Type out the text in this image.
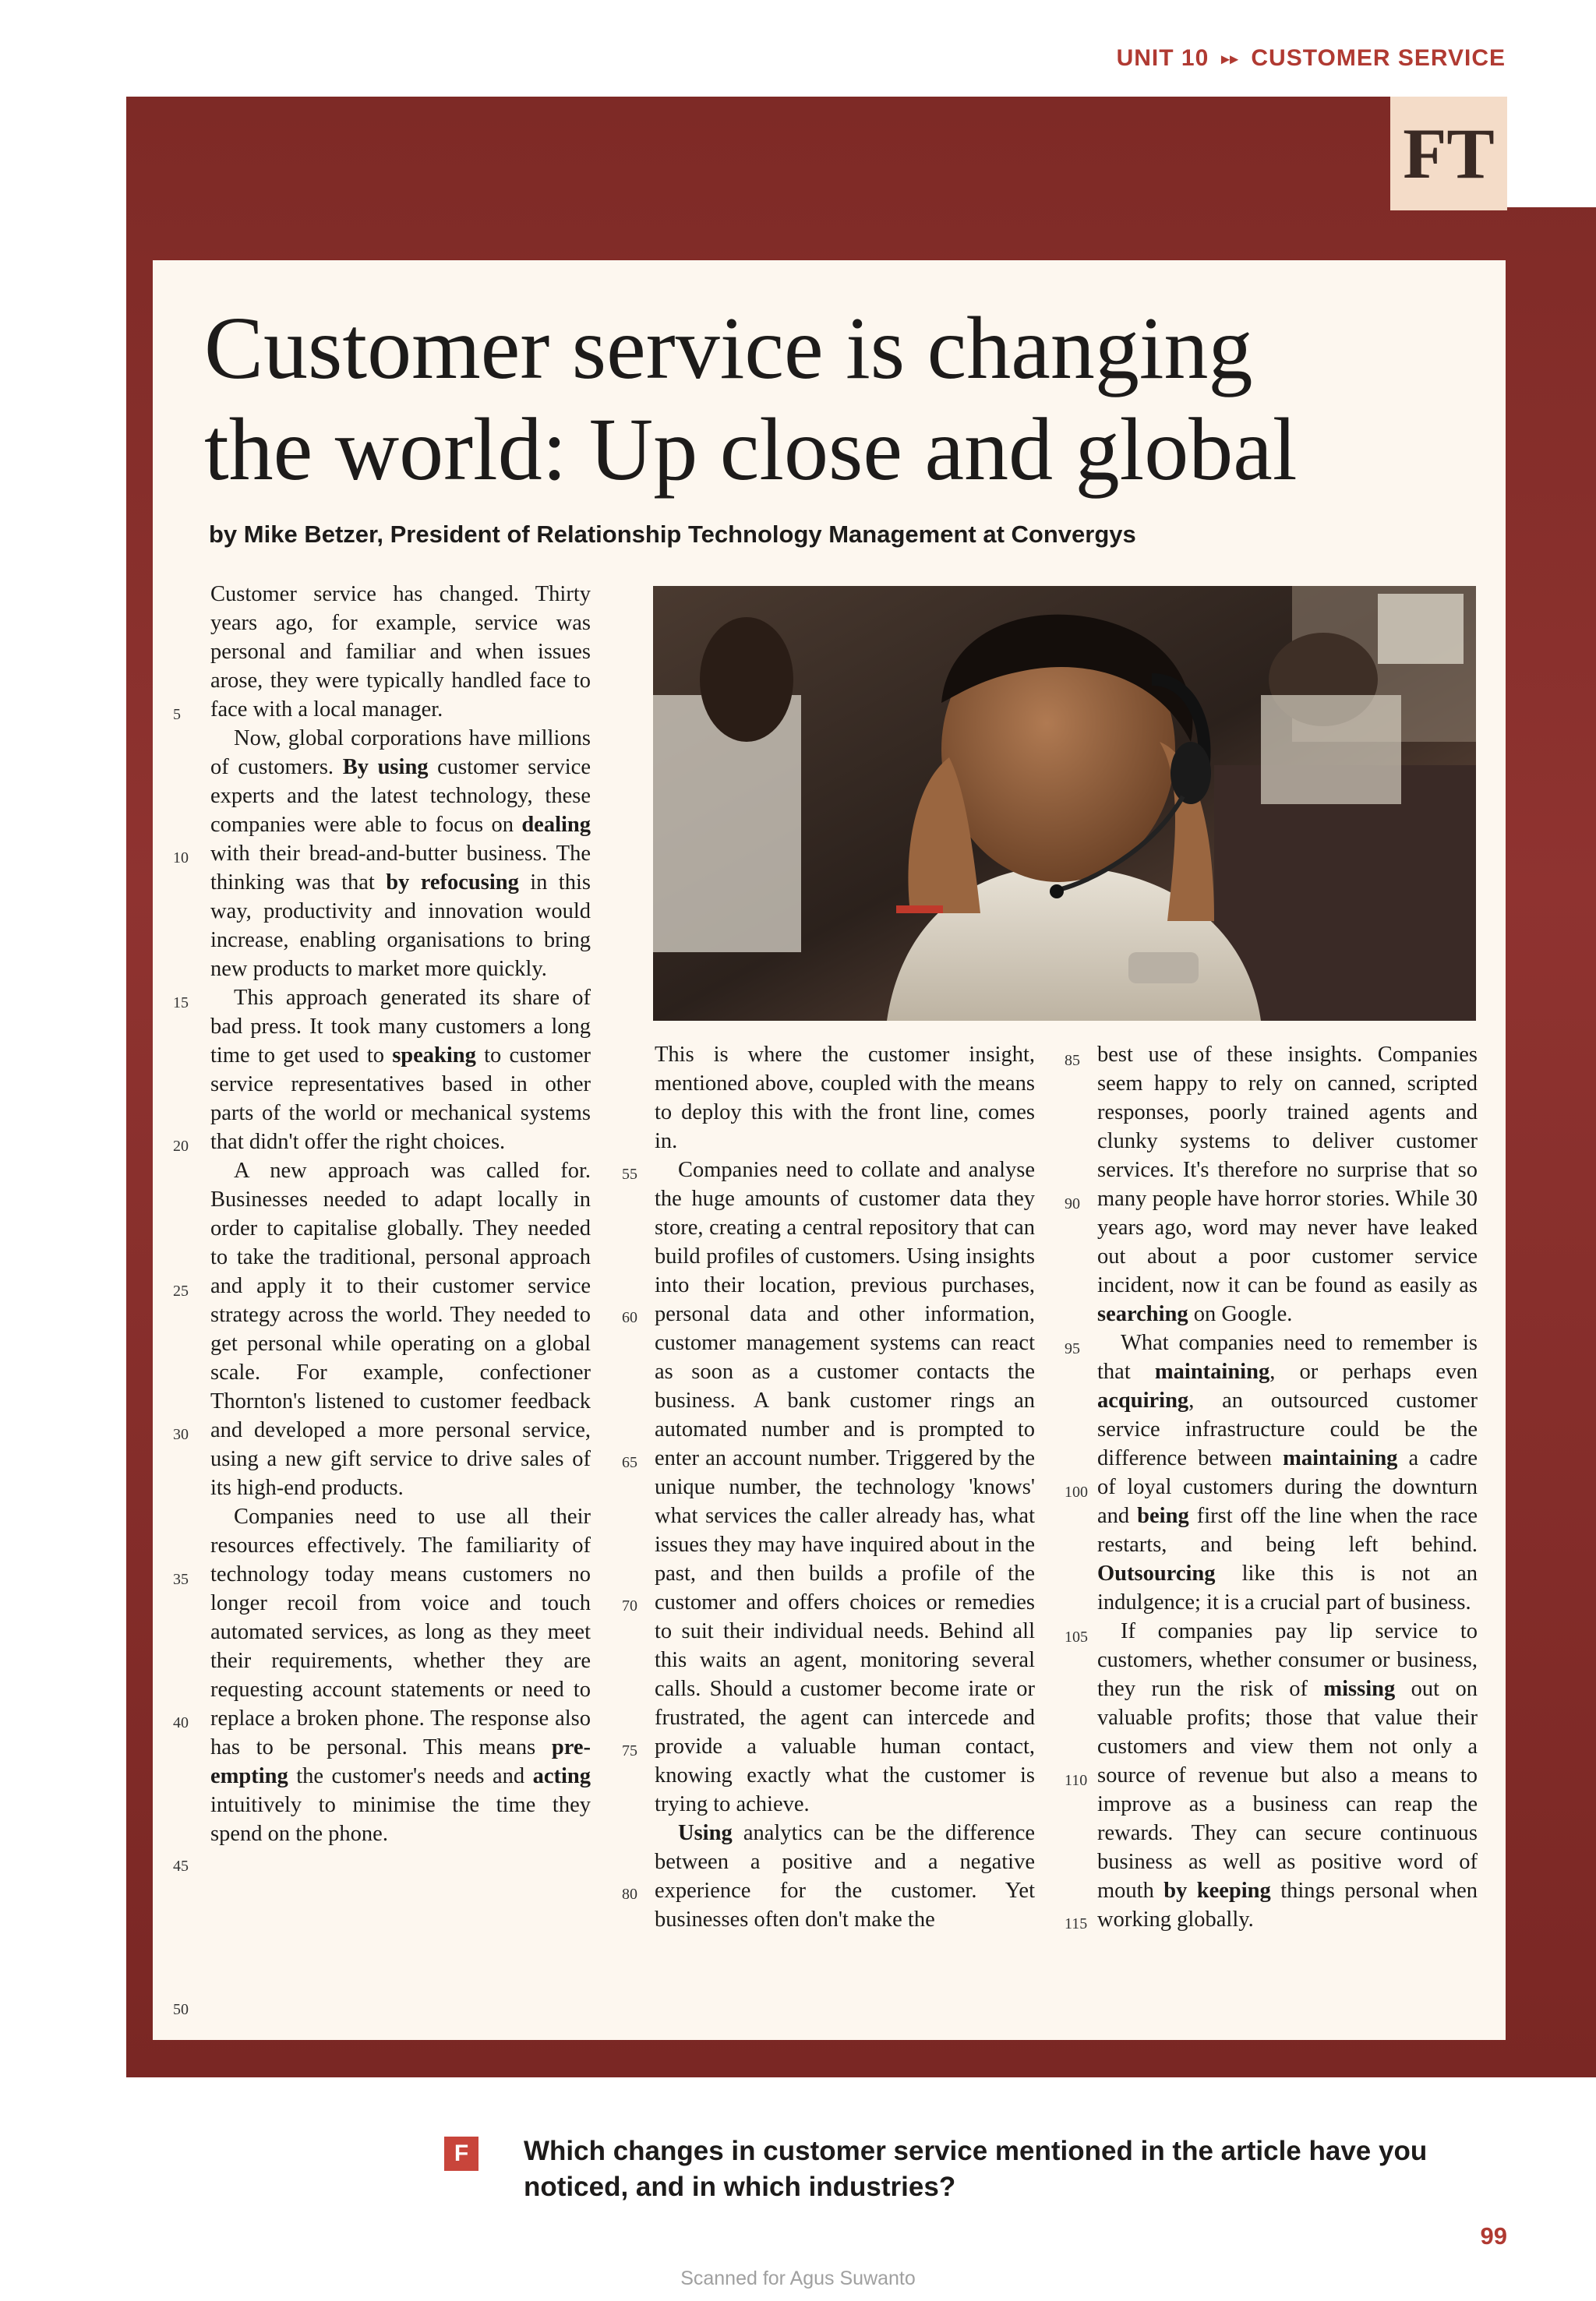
UNIT 10 ▸▸ CUSTOMER SERVICE
FT
Customer service is changing
the world: Up close and global
by Mike Betzer, President of Relationship Technology Management at Convergys

Customer service has changed. Thirty years ago, for example, service was personal and familiar and when issues arose, they were typically handled face to face with a local manager.

Now, global corporations have millions of customers. By using customer service experts and the latest technology, these companies were able to focus on dealing with their bread-and-butter business. The thinking was that by refocusing in this way, productivity and innovation would increase, enabling organisations to bring new products to market more quickly.

This approach generated its share of bad press. It took many customers a long time to get used to speaking to customer service representatives based in other parts of the world or mechanical systems that didn't offer the right choices.

A new approach was called for. Businesses needed to adapt locally in order to capitalise globally. They needed to take the traditional, personal approach and apply it to their customer service strategy across the world. They needed to get personal while operating on a global scale. For example, confectioner Thornton's listened to customer feedback and developed a more personal service, using a new gift service to drive sales of its high-end products.

Companies need to use all their resources effectively. The familiarity of technology today means customers no longer recoil from voice and touch automated services, as long as they meet their requirements, whether they are requesting account statements or need to replace a broken phone. The response also has to be personal. This means pre-empting the customer's needs and acting intuitively to minimise the time they spend on the phone.

This is where the customer insight, mentioned above, coupled with the means to deploy this with the front line, comes in.

Companies need to collate and analyse the huge amounts of customer data they store, creating a central repository that can build profiles of customers. Using insights into their location, previous purchases, personal data and other information, customer management systems can react as soon as a customer contacts the business. A bank customer rings an automated number and is prompted to enter an account number. Triggered by the unique number, the technology 'knows' what services the caller already has, what issues they may have inquired about in the past, and then builds a profile of the customer and offers choices or remedies to suit their individual needs. Behind all this waits an agent, monitoring several calls. Should a customer become irate or frustrated, the agent can intercede and provide a valuable human contact, knowing exactly what the customer is trying to achieve.

Using analytics can be the difference between a positive and a negative experience for the customer. Yet businesses often don't make the

best use of these insights. Companies seem happy to rely on canned, scripted responses, poorly trained agents and clunky systems to deliver customer services. It's therefore no surprise that so many people have horror stories. While 30 years ago, word may never have leaked out about a poor customer service incident, now it can be found as easily as searching on Google.

What companies need to remember is that maintaining, or perhaps even acquiring, an outsourced customer service infrastructure could be the difference between maintaining a cadre of loyal customers during the downturn and being first off the line when the race restarts, and being left behind. Outsourcing like this is not an indulgence; it is a crucial part of business.

If companies pay lip service to customers, whether consumer or business, they run the risk of missing out on valuable profits; those that value their customers and view them not only a source of revenue but also a means to improve as a business can reap the rewards. They can secure continuous business as well as positive word of mouth by keeping things personal when working globally.

5
10
15
20
25
30
35
40
45
50
55
60
65
70
75
80
85
90
95
100
105
110
115
F	Which changes in customer service mentioned in the article have you noticed, and in which industries?
99
Scanned for Agus Suwanto
